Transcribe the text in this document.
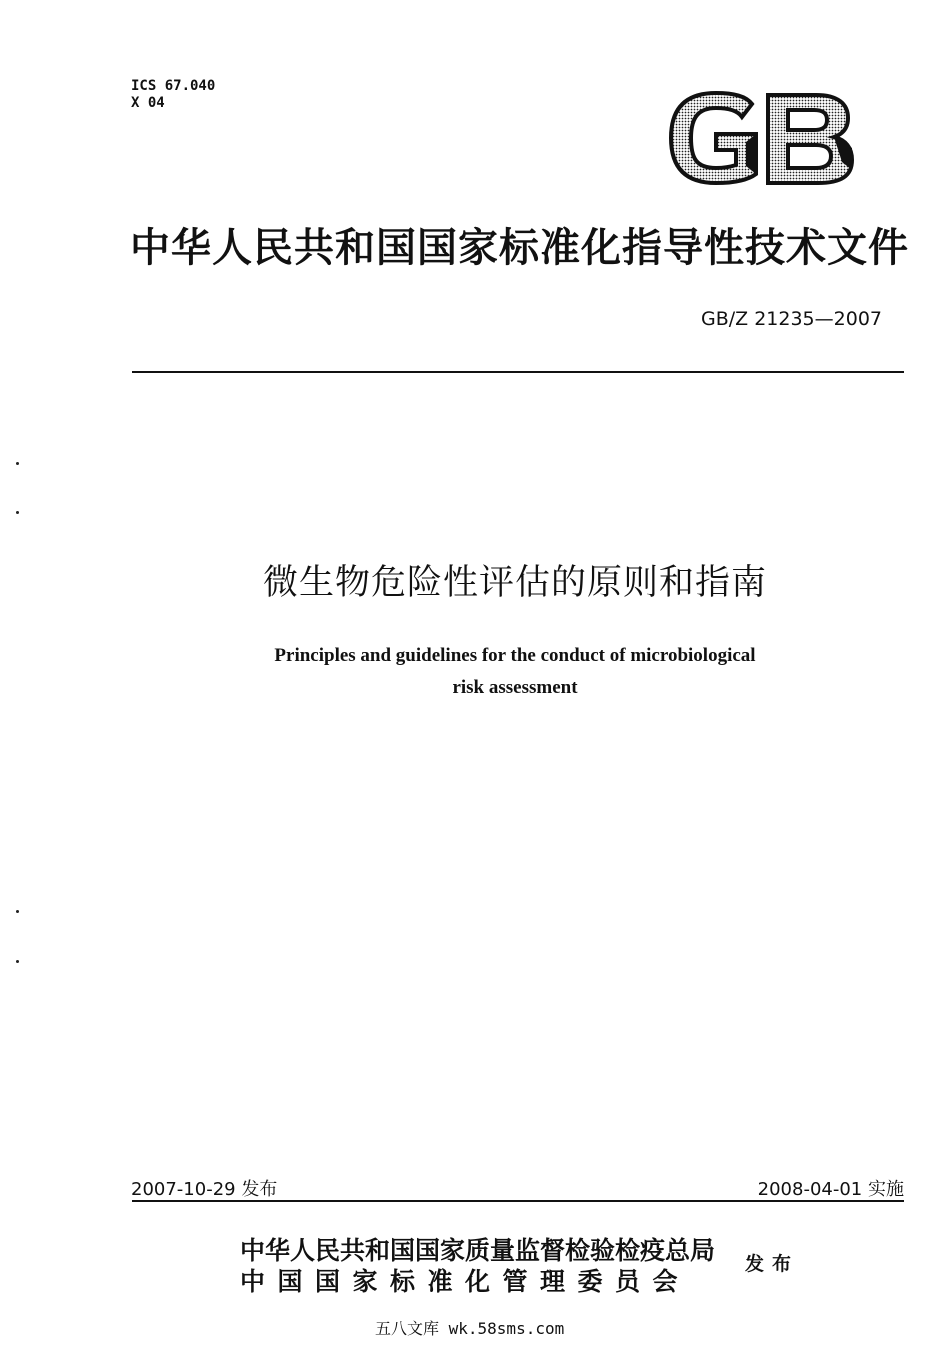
ICS 67.040
X 04
GB
中华人民共和国国家标准化指导性技术文件
GB/Z 21235—2007
微生物危险性评估的原则和指南
Principles and guidelines for the conduct of microbiological
risk assessment
2007-10-29 发布	2008-04-01 实施
中华人民共和国国家质量监督检验检疫总局
中国国家标准化管理委员会
发布
五八文库 wk.58sms.com
